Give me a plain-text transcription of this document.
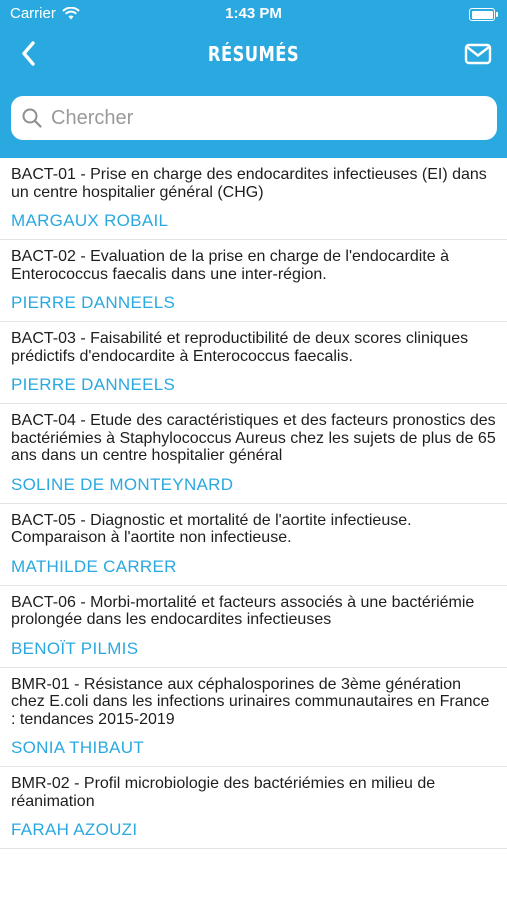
Carrier	1:43 PM
RÉSUMÉS
Chercher
BACT-01 - Prise en charge des endocardites infectieuses (EI) dans un centre hospitalier général (CHG)
MARGAUX ROBAIL
BACT-02 - Evaluation de la prise en charge de l'endocardite à Enterococcus faecalis dans une inter-région.
PIERRE DANNEELS
BACT-03 - Faisabilité et reproductibilité de deux scores cliniques prédictifs d'endocardite à Enterococcus faecalis.
PIERRE DANNEELS
BACT-04 - Etude des caractéristiques et des facteurs pronostics des bactériémies à Staphylococcus Aureus chez les sujets de plus de 65 ans dans un centre hospitalier général
SOLINE DE MONTEYNARD
BACT-05 - Diagnostic et mortalité de l'aortite infectieuse. Comparaison à l'aortite non infectieuse.
MATHILDE CARRER
BACT-06 - Morbi-mortalité et facteurs associés à une bactériémie prolongée dans les endocardites infectieuses
BENOÏT PILMIS
BMR-01 - Résistance aux céphalosporines de 3ème génération chez E.coli dans les infections urinaires communautaires en France : tendances 2015-2019
SONIA THIBAUT
BMR-02 - Profil microbiologie des bactériémies en milieu de réanimation
FARAH AZOUZI
